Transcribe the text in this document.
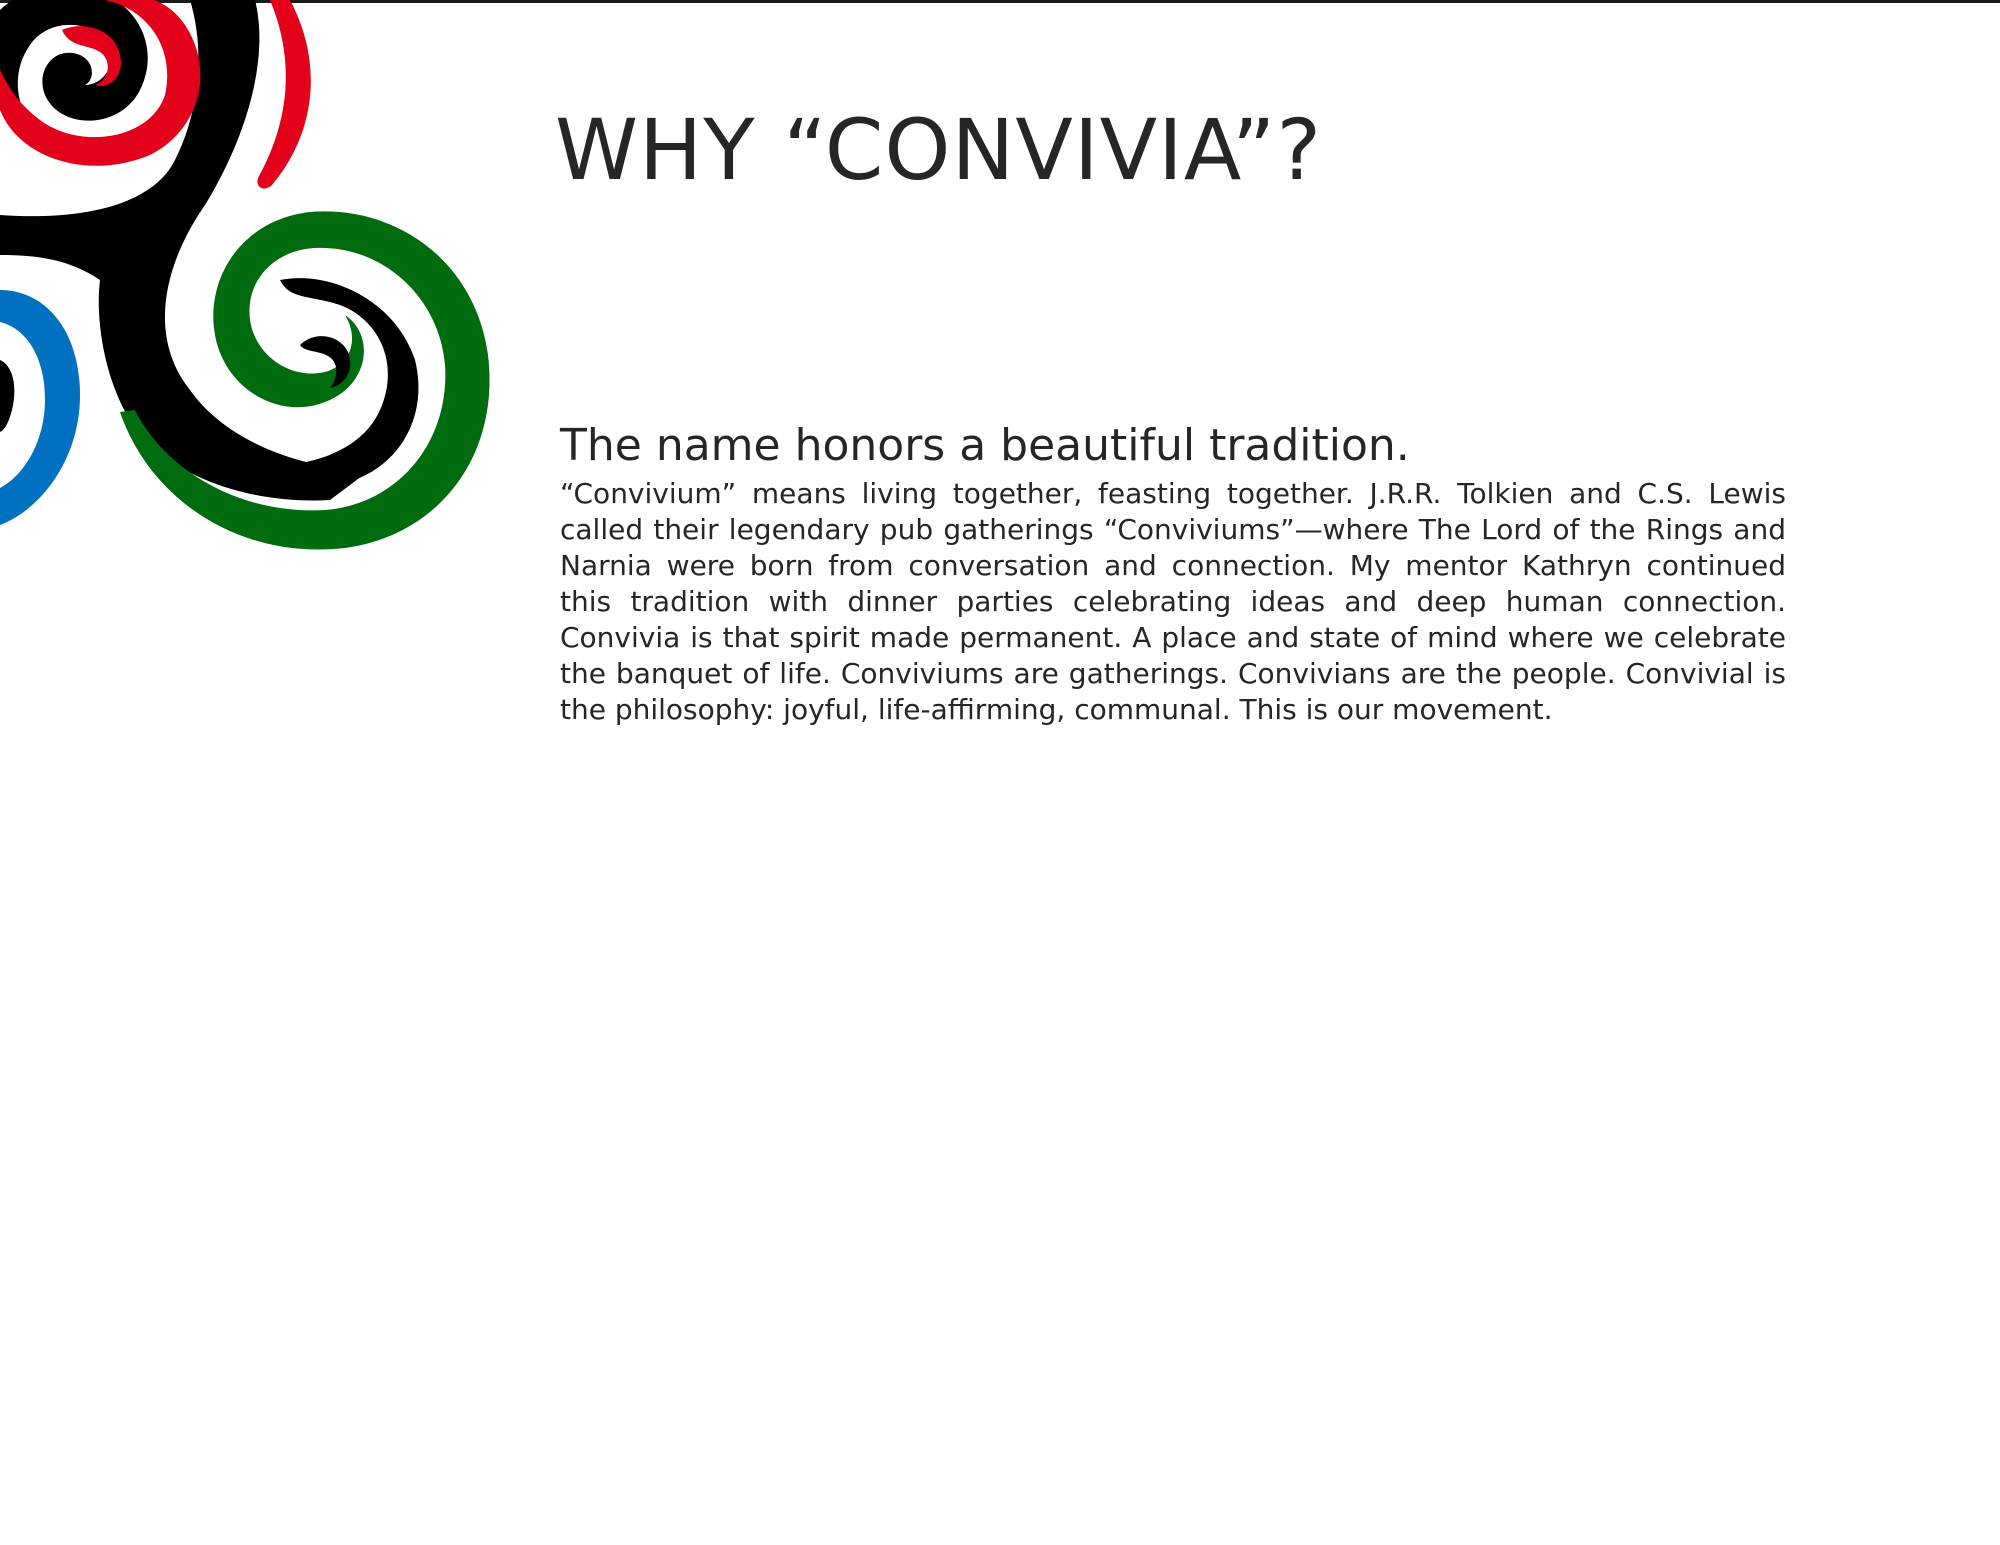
WHY “CONVIVIA”?
The name honors a beautiful tradition.

“Convivium” means living together, feasting together. J.R.R. Tolkien and C.S. Lewis called their legendary pub gatherings “Conviviums”—where The Lord of the Rings and Narnia were born from conversation and connection. My mentor Kathryn continued this tradition with dinner parties celebrating ideas and deep human connection. Convivia is that spirit made permanent. A place and state of mind where we celebrate the banquet of life. Conviviums are gatherings. Convivians are the people. Convivial is the philosophy: joyful, life-affirming, communal. This is our movement.
